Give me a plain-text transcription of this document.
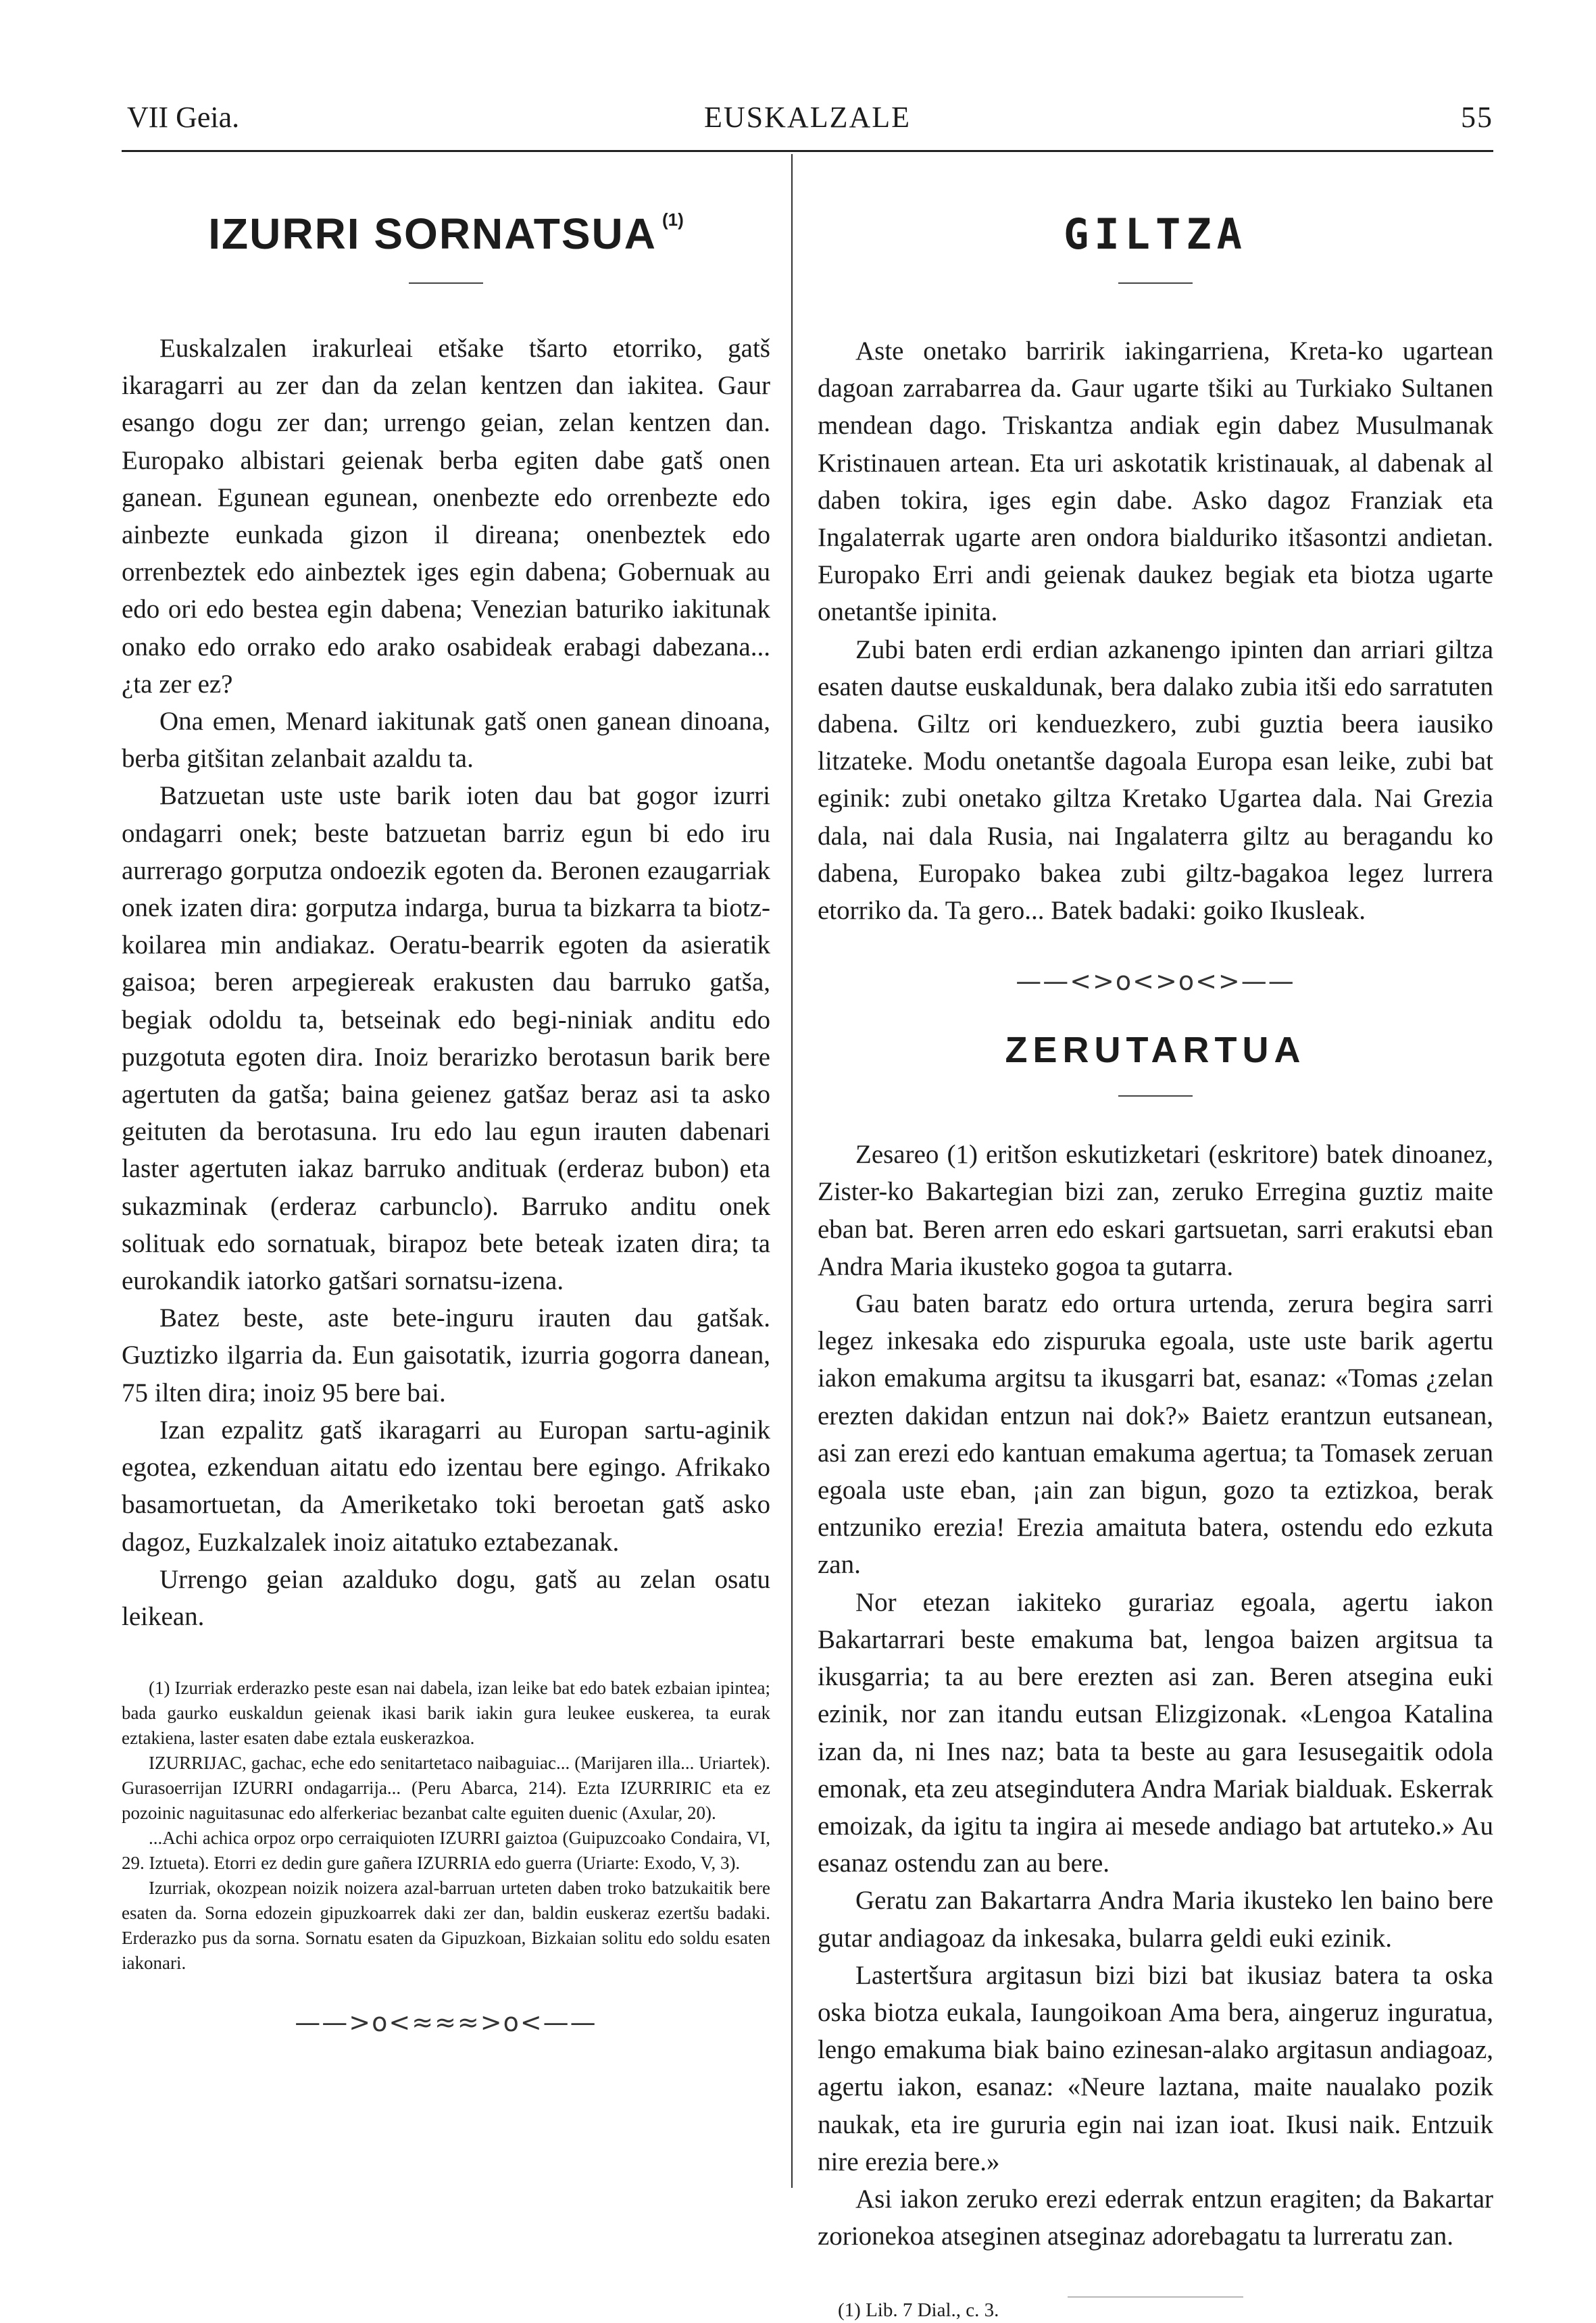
VII Geia.	EUSKALZALE	55
IZURRI SORNATSUA $^{(1)}$

Euskalzalen irakurleai etšake tšarto etorriko, gatš ikaragarri au zer dan da zelan kentzen dan iakitea. Gaur esango dogu zer dan; urrengo geian, zelan kentzen dan. Europako albistari geienak berba egiten dabe gatš onen ganean. Egunean egunean, onenbezte edo orrenbezte edo ainbezte eunkada gizon il direana; onenbeztek edo orrenbeztek edo ainbeztek iges egin dabena; Gobernuak au edo ori edo bestea egin dabena; Venezian baturiko iakitunak onako edo orrako edo arako osabideak erabagi dabezana... ¿ta zer ez?

Ona emen, Menard iakitunak gatš onen ganean dinoana, berba gitšitan zelanbait azaldu ta.

Batzuetan uste uste barik ioten dau bat gogor izurri ondagarri onek; beste batzuetan barriz egun bi edo iru aurrerago gorputza ondoezik egoten da. Beronen ezaugarriak onek izaten dira: gorputza indarga, burua ta bizkarra ta biotz-koilarea min andiakaz. Oeratu-bearrik egoten da asieratik gaisoa; beren arpegiereak erakusten dau barruko gatša, begiak odoldu ta, betseinak edo begi-niniak anditu edo puzgotuta egoten dira. Inoiz berarizko berotasun barik bere agertuten da gatša; baina geienez gatšaz beraz asi ta asko geituten da berotasuna. Iru edo lau egun irauten dabenari laster agertuten iakaz barruko andituak (erderaz bubon) eta sukazminak (erderaz carbunclo). Barruko anditu onek solituak edo sornatuak, birapoz bete beteak izaten dira; ta eurokandik iatorko gatšari sornatsu-izena.

Batez beste, aste bete-inguru irauten dau gatšak. Guztizko ilgarria da. Eun gaisotatik, izurria gogorra danean, 75 ilten dira; inoiz 95 bere bai.

Izan ezpalitz gatš ikaragarri au Europan sartu-aginik egotea, ezkenduan aitatu edo izentau bere egingo. Afrikako basamortuetan, da Ameriketako toki beroetan gatš asko dagoz, Euzkalzalek inoiz aitatuko eztabezanak.

Urrengo geian azalduko dogu, gatš au zelan osatu leikean.

(1) Izurriak erderazko peste esan nai dabela, izan leike bat edo batek ezbaian ipintea; bada gaurko euskaldun geienak ikasi barik iakin gura leukee euskerea, ta eurak eztakiena, laster esaten dabe eztala euskerazkoa.

IZURRIJAC, gachac, eche edo senitartetaco naibaguiac... (Marijaren illa... Uriartek). Gurasoerrijan IZURRI ondagarrija... (Peru Abarca, 214). Ezta IZURRIRIC eta ez pozoinic naguitasunac edo alferkeriac bezanbat calte eguiten duenic (Axular, 20).

...Achi achica orpoz orpo cerraiquioten IZURRI gaiztoa (Guipuzcoako Condaira, VI, 29. Iztueta). Etorri ez dedin gure gañera IZURRIA edo guerra (Uriarte: Exodo, V, 3).

Izurriak, okozpean noizik noizera azal-barruan urteten daben troko batzukaitik bere esaten da. Sorna edozein gipuzkoarrek daki zer dan, baldin euskeraz ezertšu badaki. Erderazko pus da sorna. Sornatu esaten da Gipuzkoan, Bizkaian solitu edo soldu esaten iakonari.

——>o<≈≈≈>o<——
GILTZA

Aste onetako barririk iakingarriena, Kreta-ko ugartean dagoan zarrabarrea da. Gaur ugarte tšiki au Turkiako Sultanen mendean dago. Triskantza andiak egin dabez Musulmanak Kristinauen artean. Eta uri askotatik kristinauak, al dabenak al daben tokira, iges egin dabe. Asko dagoz Franziak eta Ingalaterrak ugarte aren ondora bialduriko itšasontzi andietan. Europako Erri andi geienak daukez begiak eta biotza ugarte onetantše ipinita.

Zubi baten erdi erdian azkanengo ipinten dan arriari giltza esaten dautse euskaldunak, bera dalako zubia itši edo sarratuten dabena. Giltz ori kenduezkero, zubi guztia beera iausiko litzateke. Modu onetantše dagoala Europa esan leike, zubi bat eginik: zubi onetako giltza Kretako Ugartea dala. Nai Grezia dala, nai dala Rusia, nai Ingalaterra giltz au beragandu ko dabena, Europako bakea zubi giltz-bagakoa legez lurrera etorriko da. Ta gero... Batek badaki: goiko Ikusleak.

——<>o<>o<>——
ZERUTARTUA

Zesareo (1) eritšon eskutizketari (eskritore) batek dinoanez, Zister-ko Bakartegian bizi zan, zeruko Erregina guztiz maite eban bat. Beren arren edo eskari gartsuetan, sarri erakutsi eban Andra Maria ikusteko gogoa ta gutarra.

Gau baten baratz edo ortura urtenda, zerura begira sarri legez inkesaka edo zispuruka egoala, uste uste barik agertu iakon emakuma argitsu ta ikusgarri bat, esanaz: «Tomas ¿zelan erezten dakidan entzun nai dok?» Baietz erantzun eutsanean, asi zan erezi edo kantuan emakuma agertua; ta Tomasek zeruan egoala uste eban, ¡ain zan bigun, gozo ta eztizkoa, berak entzuniko erezia! Erezia amaituta batera, ostendu edo ezkuta zan.

Nor etezan iakiteko gurariaz egoala, agertu iakon Bakartarrari beste emakuma bat, lengoa baizen argitsua ta ikusgarria; ta au bere erezten asi zan. Beren atsegina euki ezinik, nor zan itandu eutsan Elizgizonak. «Lengoa Katalina izan da, ni Ines naz; bata ta beste au gara Iesusegaitik odola emonak, eta zeu atsegindutera Andra Mariak bialduak. Eskerrak emoizak, da igitu ta ingira ai mesede andiago bat artuteko.» Au esanaz ostendu zan au bere.

Geratu zan Bakartarra Andra Maria ikusteko len baino bere gutar andiagoaz da inkesaka, bularra geldi euki ezinik.

Lastertšura argitasun bizi bizi bat ikusiaz batera ta oska oska biotza eukala, Iaungoikoan Ama bera, aingeruz inguratua, lengo emakuma biak baino ezinesan-alako argitasun andiagoaz, agertu iakon, esanaz: «Neure laztana, maite naualako pozik naukak, eta ire gururia egin nai izan ioat. Ikusi naik. Entzuik nire erezia bere.»

Asi iakon zeruko erezi ederrak entzun eragiten; da Bakartar zorionekoa atseginen atseginaz adorebagatu ta lurreratu zan.

(1) Lib. 7 Dial., c. 3.
